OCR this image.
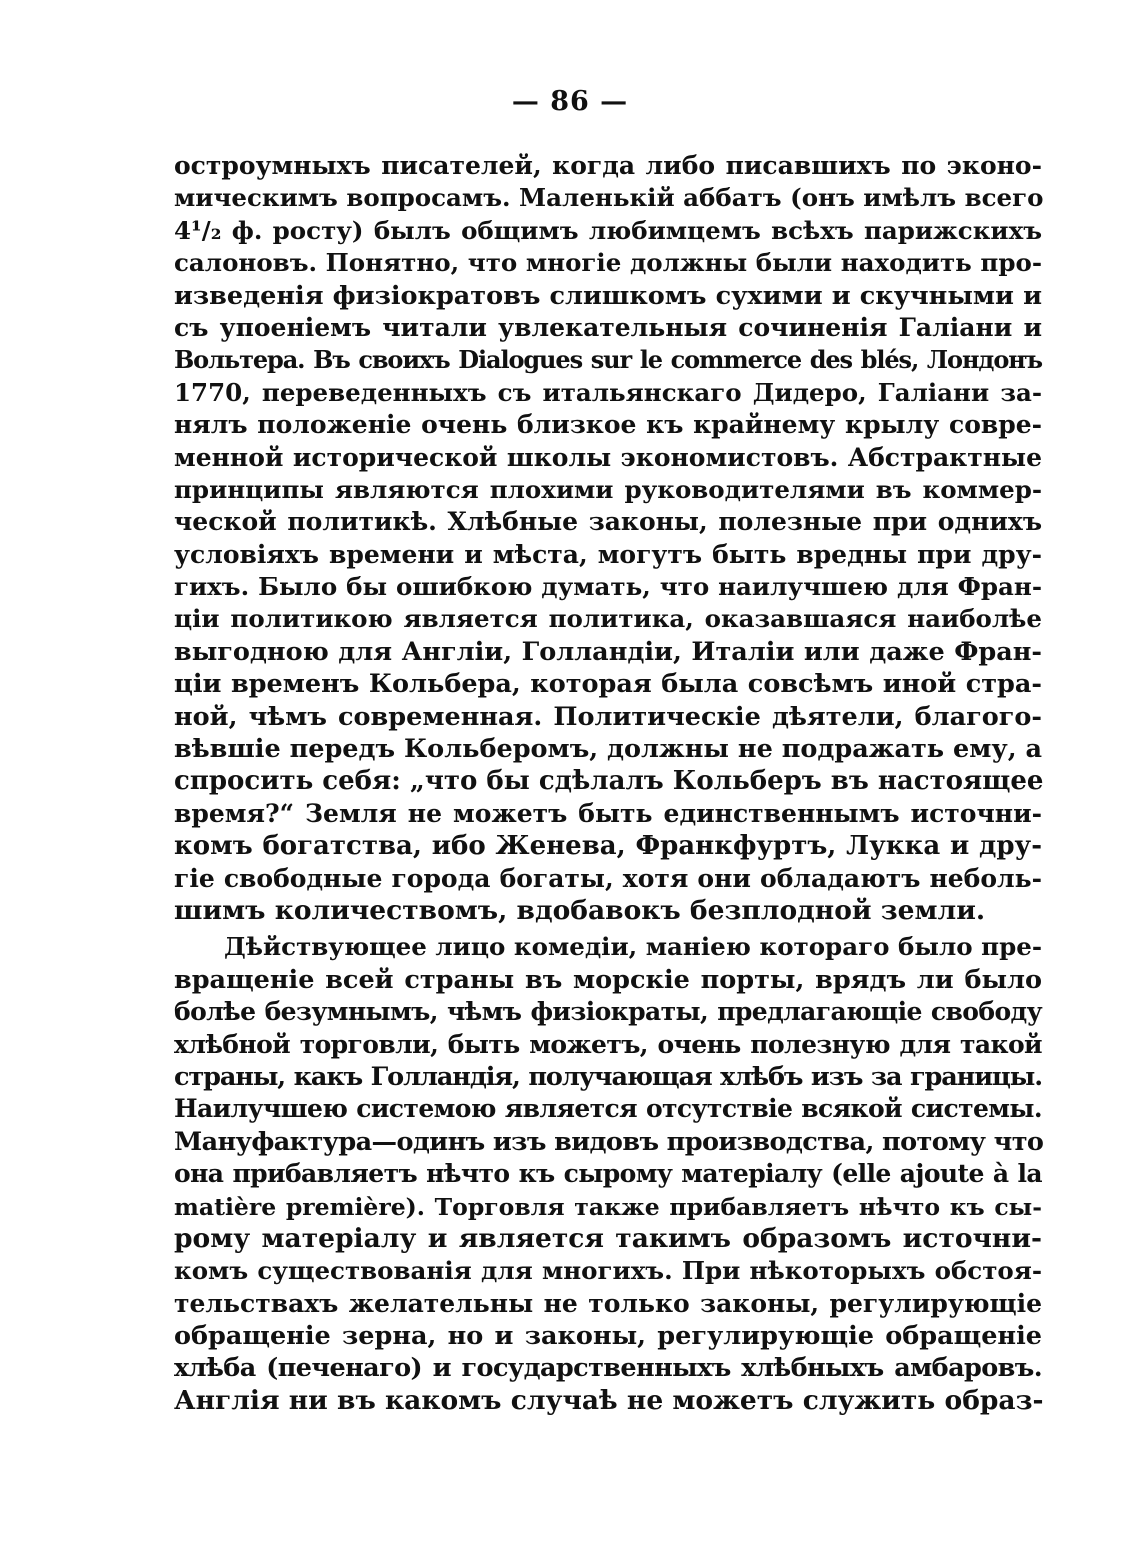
— 86 —
остроумныхъ писателей, когда либо писавшихъ по эконо-
мическимъ вопросамъ. Маленькій аббатъ (онъ имѣлъ всего
4¹/₂ ф. росту) былъ общимъ любимцемъ всѣхъ парижскихъ
салоновъ. Понятно, что многіе должны были находить про-
изведенія физіократовъ слишкомъ сухими и скучными и
съ упоеніемъ читали увлекательныя сочиненія Галіани и
Вольтера. Въ своихъ Dialogues sur le commerce des blés, Лондонъ
1770, переведенныхъ съ итальянскаго Дидеро, Галіани за-
нялъ положеніе очень близкое къ крайнему крылу совре-
менной исторической школы экономистовъ. Абстрактные
принципы являются плохими руководителями въ коммер-
ческой политикѣ. Хлѣбные законы, полезные при однихъ
условіяхъ времени и мѣста, могутъ быть вредны при дру-
гихъ. Было бы ошибкою думать, что наилучшею для Фран-
ціи политикою является политика, оказавшаяся наиболѣе
выгодною для Англіи, Голландіи, Италіи или даже Фран-
ціи временъ Кольбера, которая была совсѣмъ иной стра-
ной, чѣмъ современная. Политическіе дѣятели, благого-
вѣвшіе передъ Кольберомъ, должны не подражать ему, а
спросить себя: „что бы сдѣлалъ Кольберъ въ настоящее
время?“ Земля не можетъ быть единственнымъ источни-
комъ богатства, ибо Женева, Франкфуртъ, Лукка и дру-
гіе свободные города богаты, хотя они обладаютъ неболь-
шимъ количествомъ, вдобавокъ безплодной земли.
Дѣйствующее лицо комедіи, маніею котораго было пре-
вращеніе всей страны въ морскіе порты, врядъ ли было
болѣе безумнымъ, чѣмъ физіократы, предлагающіе свободу
хлѣбной торговли, быть можетъ, очень полезную для такой
страны, какъ Голландія, получающая хлѣбъ изъ за границы.
Наилучшею системою является отсутствіе всякой системы.
Мануфактура—одинъ изъ видовъ производства, потому что
она прибавляетъ нѣчто къ сырому матеріалу (elle ajoute à la
matière première). Торговля также прибавляетъ нѣчто къ сы-
рому матеріалу и является такимъ образомъ источни-
комъ существованія для многихъ. При нѣкоторыхъ обстоя-
тельствахъ желательны не только законы, регулирующіе
обращеніе зерна, но и законы, регулирующіе обращеніе
хлѣба (печенаго) и государственныхъ хлѣбныхъ амбаровъ.
Англія ни въ какомъ случаѣ не можетъ служить образ-
